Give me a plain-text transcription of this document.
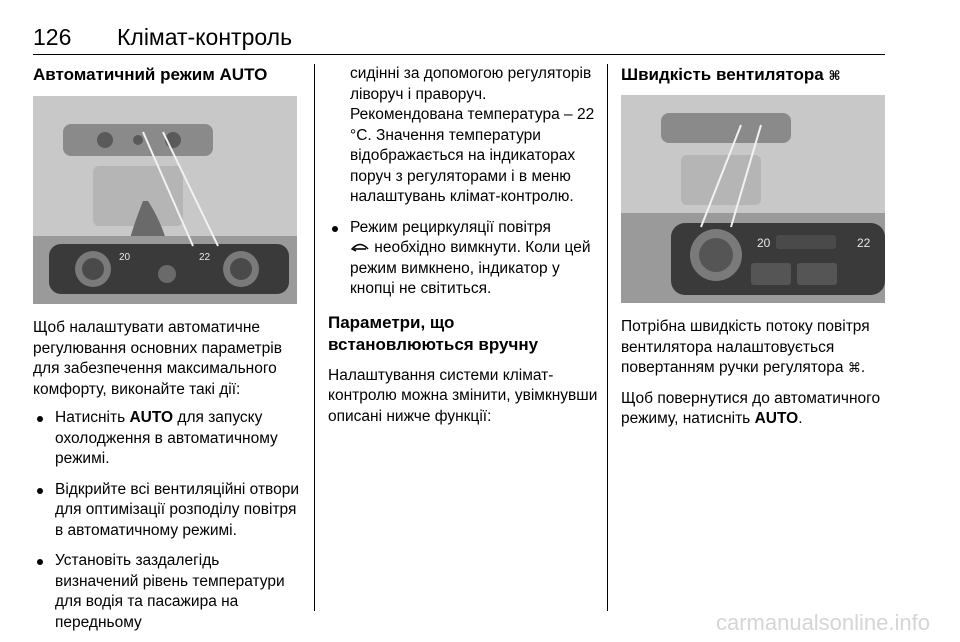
126 Клімат-контроль
Автоматичний режим AUTO
20	22

Щоб налаштувати автоматичне регулювання основних параметрів для забезпечення максимального комфорту, виконайте такі дії:

Натисніть AUTO для запуску охолодження в автоматичному режимі.
Відкрийте всі вентиляційні отвори для оптимізації розподілу повітря в автоматичному режимі.
Установіть заздалегідь визначений рівень температури для водія та пасажира на передньому

сидінні за допомогою регуляторів ліворуч і праворуч. Рекомендована температура – 22 °C. Значення температури відображається на індикаторах поруч з регуляторами і в меню налаштувань клімат-контролю.

Режим рециркуляції повітря
необхідно вимкнути. Коли цей режим вимкнено, індикатор у кнопці не світиться.
Параметри, що встановлюються вручну

Налаштування системи клімат-контролю можна змінити, увімкнувши описані нижче функції:

Швидкість вентилятора ⌘
20	22

Потрібна швидкість потоку повітря вентилятора налаштовується повертанням ручки регулятора ⌘.

Щоб повернутися до автоматичного режиму, натисніть AUTO.

carmanualsonline.info
